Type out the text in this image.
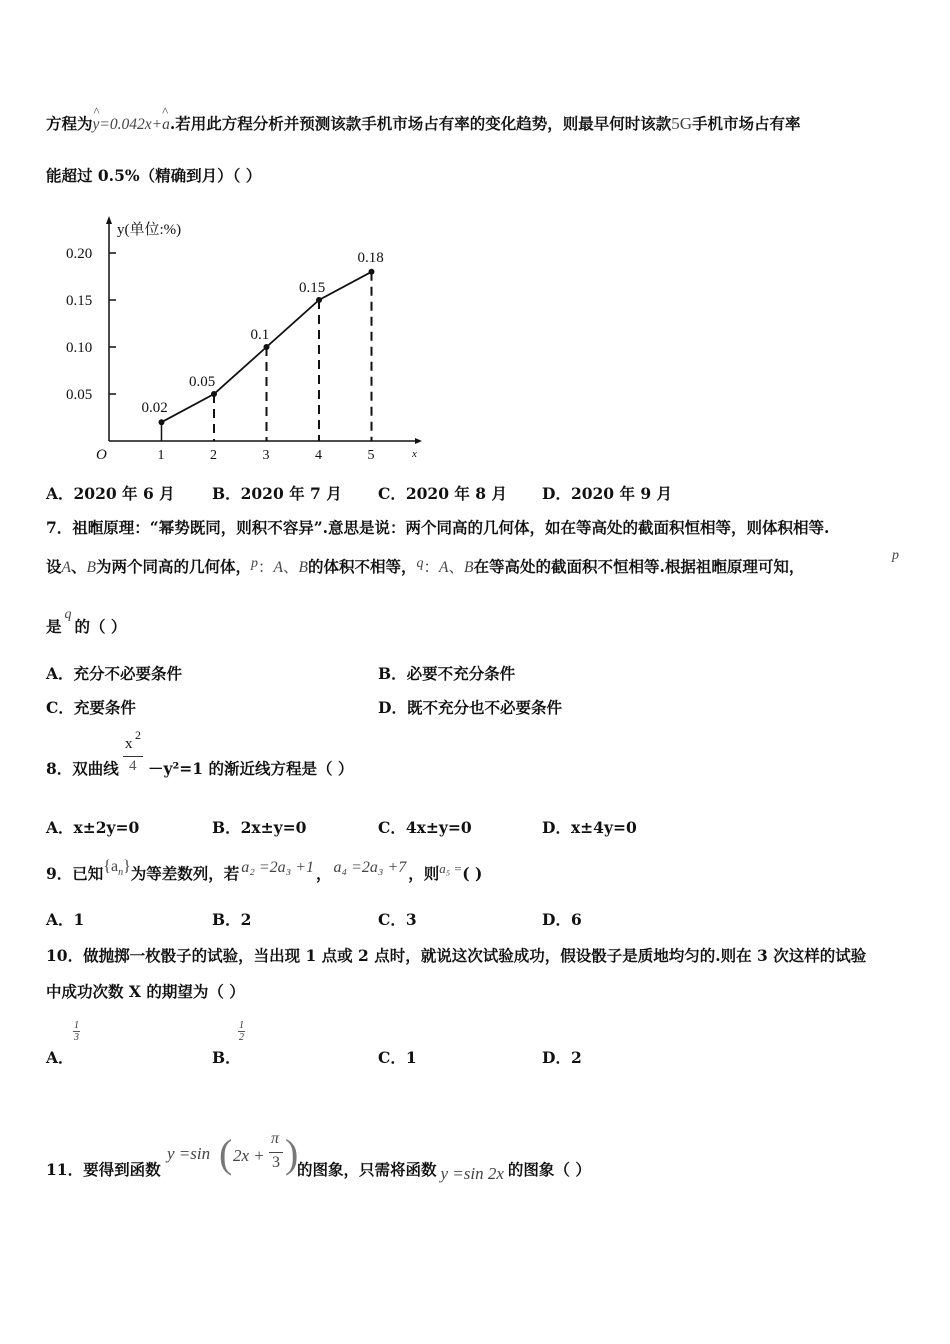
方程为
^
y=0.042x+
^
a.若用此方程分析并预测该款手机市场占有率的变化趋势，则最早何时该款5G手机市场占有率
能超过 0.5%（精确到月）（ ）
y(单位:%)
x
O
0.05
0.10
0.15
0.20
1	2	3	4	5
0.02
0.05
0.1
0.15
0.18
A．2020 年 6 月 B．2020 年 7 月 C．2020 年 8 月 D．2020 年 9 月
7．祖暅原理：“幂势既同，则积不容异”.意思是说：两个同高的几何体，如在等高处的截面积恒相等，则体积相等.
设A、B为两个同高的几何体，p：A、B的体积不相等，q：A、B在等高处的截面积不恒相等.根据祖暅原理可知，
p
是q的（ ）
A．充分不必要条件	B．必要不充分条件
C．充要条件	D．既不充分也不必要条件
8．双曲线
x
2
4 －y²=1 的渐近线方程是（ ）
A．x±2y=0	B．2x±y=0	C．4x±y=0	D．x±4y=0
9．已知$\{a_n\}$为等差数列，若 a₂ =2a₃ +1 ， a₄ =2a₃ +7 ，则$^{a_5 =}$( )
A．1	B．2	C．3	D．6
10．做抛掷一枚骰子的试验，当出现 1 点或 2 点时，就说这次试验成功，假设骰子是质地均匀的.则在 3 次这样的试验
中成功次数 X 的期望为（ ）
A．
1
3
B．
1
2
C．1	D．2
11．要得到函数
y =sin ( 2x +
π
3 )
的图象，只需将函数 y =sin 2x 的图象（ ）
